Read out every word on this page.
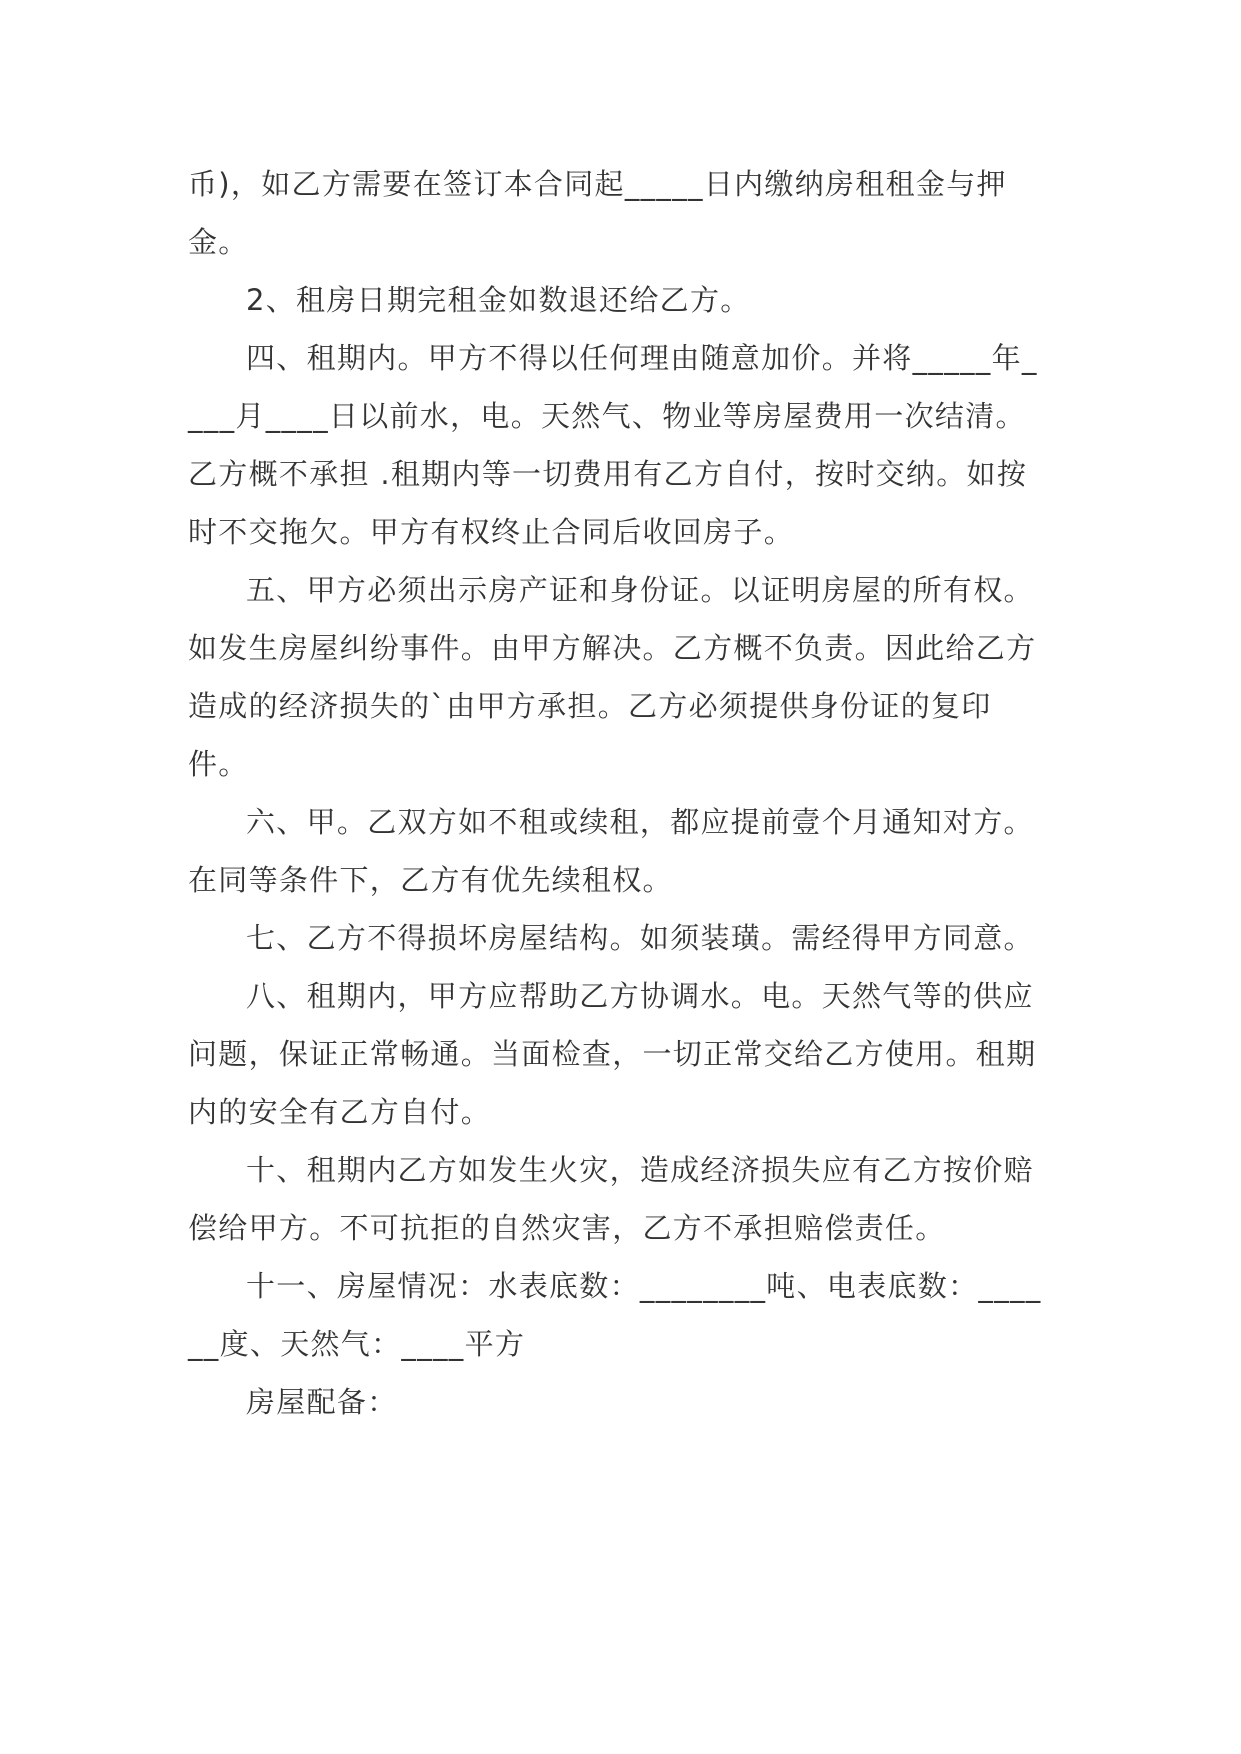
币)，如乙方需要在签订本合同起_____日内缴纳房租租金与押金。

2、租房日期完租金如数退还给乙方。

四、租期内。甲方不得以任何理由随意加价。并将_____年____月____日以前水，电。天然气、物业等房屋费用一次结清。乙方概不承担 .租期内等一切费用有乙方自付，按时交纳。如按时不交拖欠。甲方有权终止合同后收回房子。

五、甲方必须出示房产证和身份证。以证明房屋的所有权。如发生房屋纠纷事件。由甲方解决。乙方概不负责。因此给乙方造成的经济损失的`由甲方承担。乙方必须提供身份证的复印件。

六、甲。乙双方如不租或续租，都应提前壹个月通知对方。在同等条件下，乙方有优先续租权。

七、乙方不得损坏房屋结构。如须装璜。需经得甲方同意。

八、租期内，甲方应帮助乙方协调水。电。天然气等的供应问题，保证正常畅通。当面检查，一切正常交给乙方使用。租期内的安全有乙方自付。

十、租期内乙方如发生火灾，造成经济损失应有乙方按价赔偿给甲方。不可抗拒的自然灾害，乙方不承担赔偿责任。

十一、房屋情况：水表底数：________吨、电表底数：______度、天然气：____平方

房屋配备：
